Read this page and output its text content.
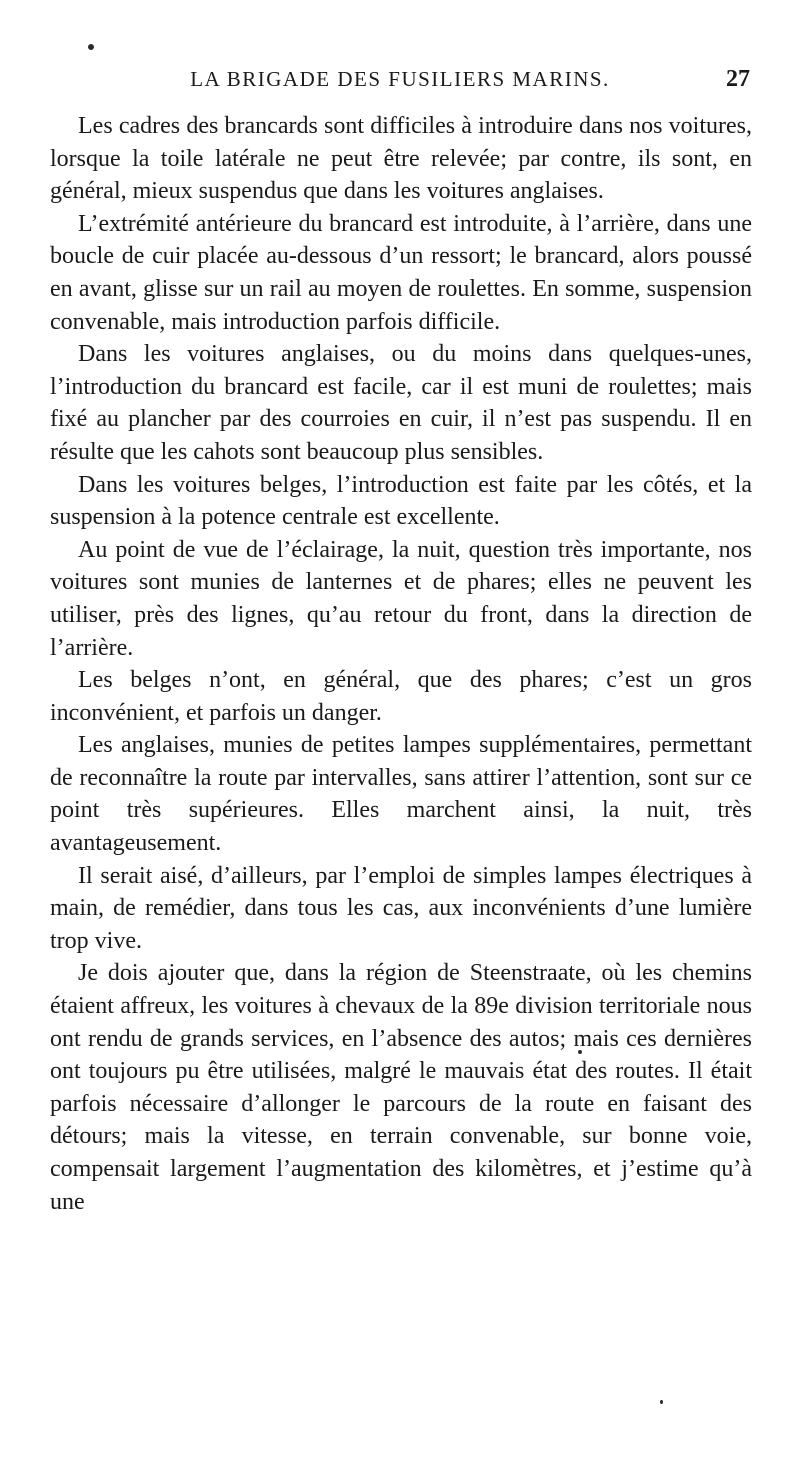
LA BRIGADE DES FUSILIERS MARINS.	27

Les cadres des brancards sont difficiles à introduire dans nos voitures, lorsque la toile latérale ne peut être relevée; par contre, ils sont, en général, mieux suspendus que dans les voitures anglaises.

L’extrémité antérieure du brancard est introduite, à l’arrière, dans une boucle de cuir placée au-dessous d’un ressort; le brancard, alors poussé en avant, glisse sur un rail au moyen de roulettes. En somme, suspension convenable, mais introduction parfois difficile.

Dans les voitures anglaises, ou du moins dans quelques-unes, l’introduction du brancard est facile, car il est muni de roulettes; mais fixé au plancher par des courroies en cuir, il n’est pas suspendu. Il en résulte que les cahots sont beaucoup plus sensibles.

Dans les voitures belges, l’introduction est faite par les côtés, et la suspension à la potence centrale est excellente.

Au point de vue de l’éclairage, la nuit, question très importante, nos voitures sont munies de lanternes et de phares; elles ne peuvent les utiliser, près des lignes, qu’au retour du front, dans la direction de l’arrière.

Les belges n’ont, en général, que des phares; c’est un gros inconvénient, et parfois un danger.

Les anglaises, munies de petites lampes supplémentaires, permettant de reconnaître la route par intervalles, sans attirer l’attention, sont sur ce point très supérieures. Elles marchent ainsi, la nuit, très avantageusement.

Il serait aisé, d’ailleurs, par l’emploi de simples lampes électriques à main, de remédier, dans tous les cas, aux inconvénients d’une lumière trop vive.

Je dois ajouter que, dans la région de Steenstraate, où les chemins étaient affreux, les voitures à chevaux de la 89e division territoriale nous ont rendu de grands services, en l’absence des autos; mais ces dernières ont toujours pu être utilisées, malgré le mauvais état des routes. Il était parfois nécessaire d’allonger le parcours de la route en faisant des détours; mais la vitesse, en terrain convenable, sur bonne voie, compensait largement l’augmentation des kilomètres, et j’estime qu’à une
